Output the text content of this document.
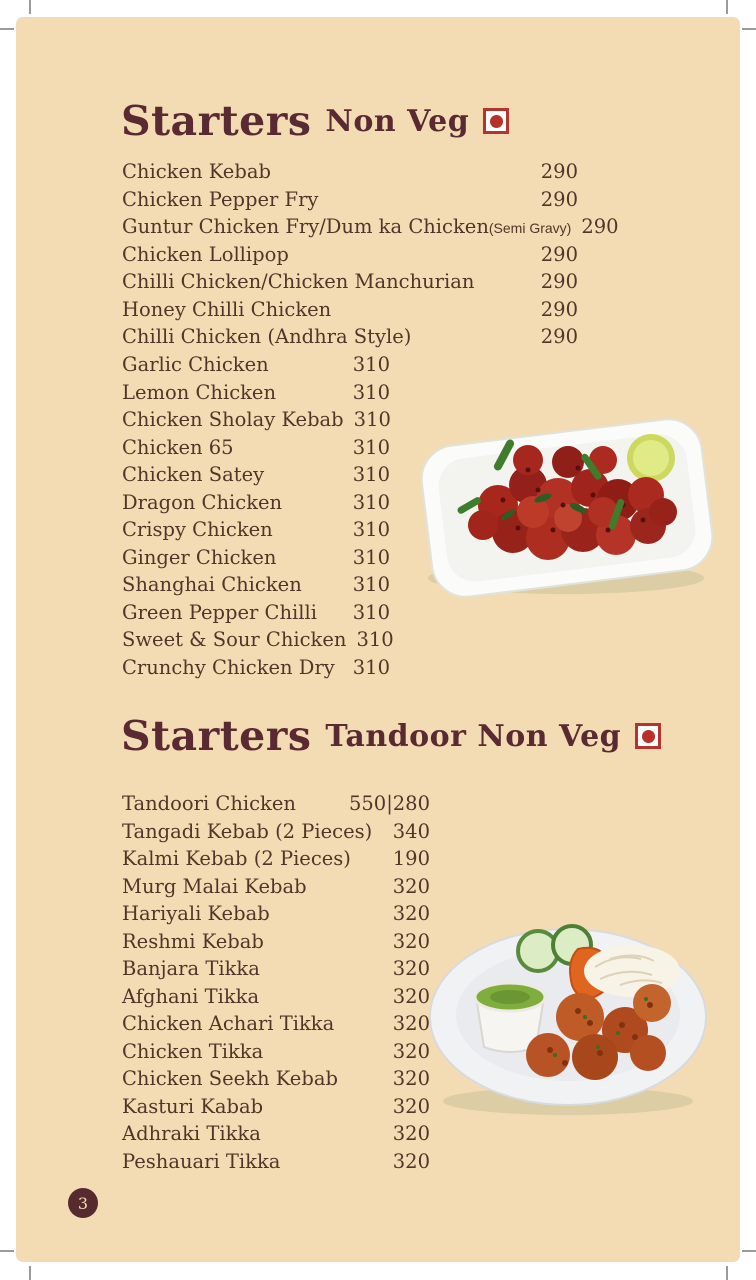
Starters Non Veg
Chicken Kebab	290
Chicken Pepper Fry	290
Guntur Chicken Fry/Dum ka Chicken (Semi Gravy) 290
Chicken Lollipop	290
Chilli Chicken/Chicken Manchurian	290
Honey Chilli Chicken	290
Chilli Chicken (Andhra Style)	290
Garlic Chicken	310
Lemon Chicken	310
Chicken Sholay Kebab 310
Chicken 65	310
Chicken Satey	310
Dragon Chicken	310
Crispy Chicken	310
Ginger Chicken	310
Shanghai Chicken	310
Green Pepper Chilli	310
Sweet & Sour Chicken 310
Crunchy Chicken Dry 310
Starters Tandoor Non Veg
Tandoori Chicken	550|280
Tangadi Kebab (2 Pieces)	340
Kalmi Kebab (2 Pieces)	190
Murg Malai Kebab	320
Hariyali Kebab	320
Reshmi Kebab	320
Banjara Tikka	320
Afghani Tikka	320
Chicken Achari Tikka	320
Chicken Tikka	320
Chicken Seekh Kebab	320
Kasturi Kabab	320
Adhraki Tikka	320
Peshauari Tikka	320
3
